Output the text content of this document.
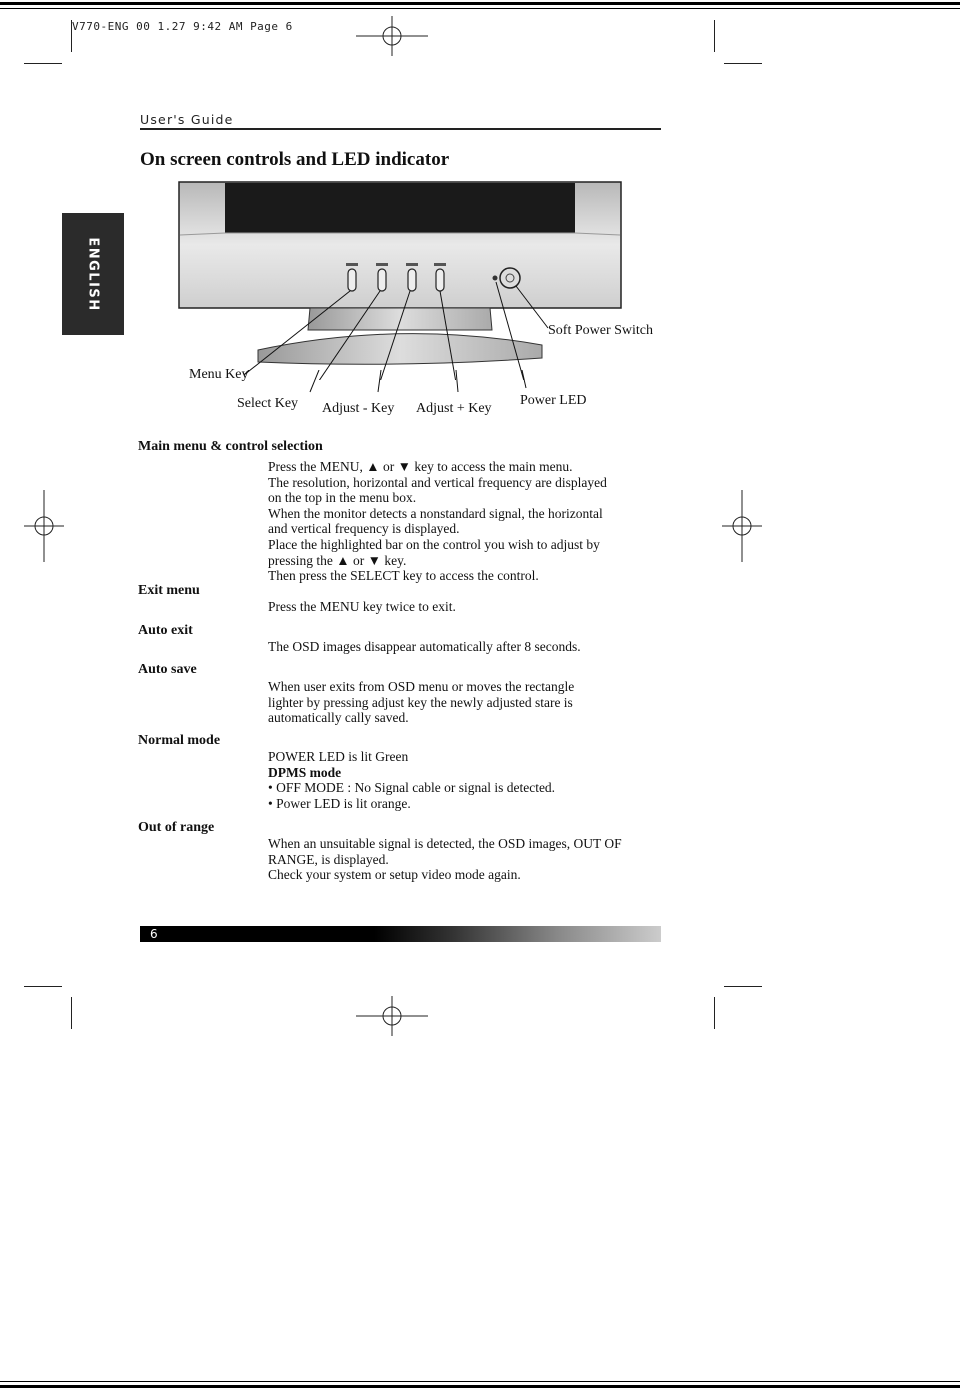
V770-ENG 00 1.27 9:42 AM Page 6
User's Guide
On screen controls and LED indicator
ENGLISH
Soft Power Switch
Menu Key
Select Key Adjust - Key Adjust + Key
Power LED
Main menu & control selection

Press the MENU, ▲ or ▼ key to access the main menu.

The resolution, horizontal and vertical frequency are displayed

on the top in the menu box.

When the monitor detects a nonstandard signal, the horizontal

and vertical frequency is displayed.

Place the highlighted bar on the control you wish to adjust by

pressing the ▲ or ▼ key.

Then press the SELECT key to access the control.

Exit menu

Press the MENU key twice to exit.

Auto exit

The OSD images disappear automatically after 8 seconds.

Auto save

When user exits from OSD menu or moves the rectangle

lighter by pressing adjust key the newly adjusted stare is

automatically cally saved.

Normal mode

POWER LED is lit Green

DPMS mode

• OFF MODE : No Signal cable or signal is detected.

• Power LED is lit orange.

Out of range

When an unsuitable signal is detected, the OSD images, OUT OF

RANGE, is displayed.

Check your system or setup video mode again.

6
